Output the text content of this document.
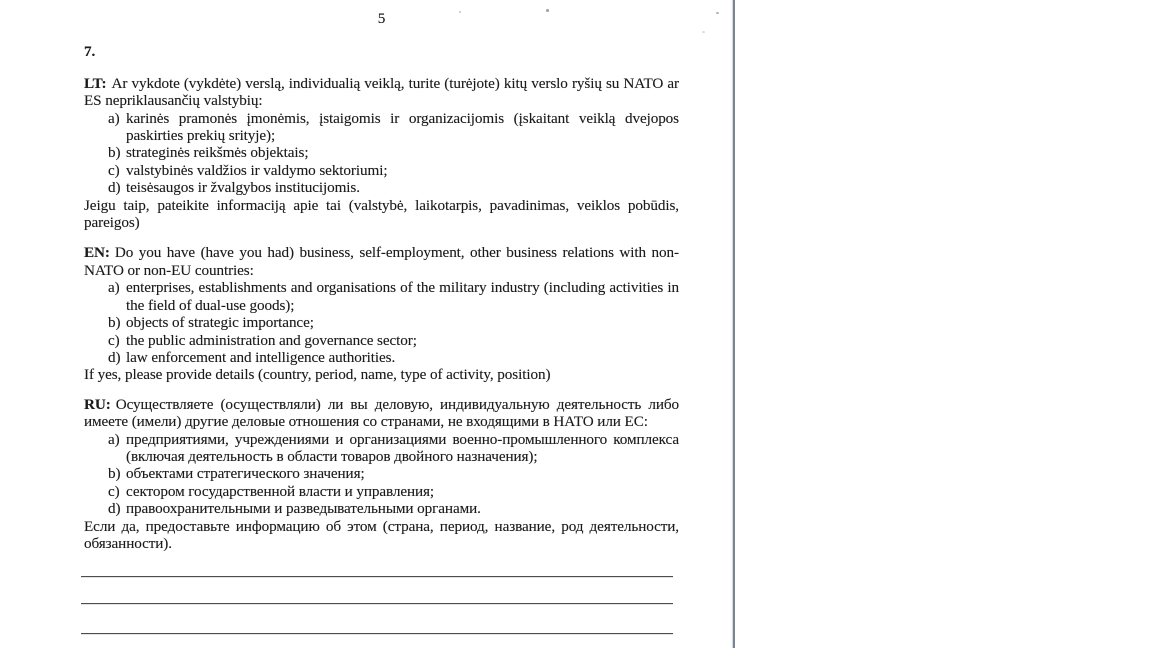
5
7.

LT: Ar vykdote (vykdėte) verslą, individualią veiklą, turite (turėjote) kitų verslo ryšių su NATO ar ES nepriklausančių valstybių:

a) karinės pramonės įmonėmis, įstaigomis ir organizacijomis (įskaitant veiklą dvejopos paskirties prekių srityje);
b) strateginės reikšmės objektais;
c) valstybinės valdžios ir valdymo sektoriumi;
d) teisėsaugos ir žvalgybos institucijomis.

Jeigu taip, pateikite informaciją apie tai (valstybė, laikotarpis, pavadinimas, veiklos pobūdis, pareigos)

EN: Do you have (have you had) business, self-employment, other business relations with non-NATO or non-EU countries:

a) enterprises, establishments and organisations of the military industry (including activities in the field of dual-use goods);
b) objects of strategic importance;
c) the public administration and governance sector;
d) law enforcement and intelligence authorities.

If yes, please provide details (country, period, name, type of activity, position)

RU: Осуществляете (осуществляли) ли вы деловую, индивидуальную деятельность либо имеете (имели) другие деловые отношения со странами, не входящими в НАТО или ЕС:

a) предприятиями, учреждениями и организациями военно-промышленного комплекса (включая деятельность в области товаров двойного назначения);
b) объектами стратегического значения;
c) сектором государственной власти и управления;
d) правоохранительными и разведывательными органами.

Если да, предоставьте информацию об этом (страна, период, название, род деятельности, обязанности).
